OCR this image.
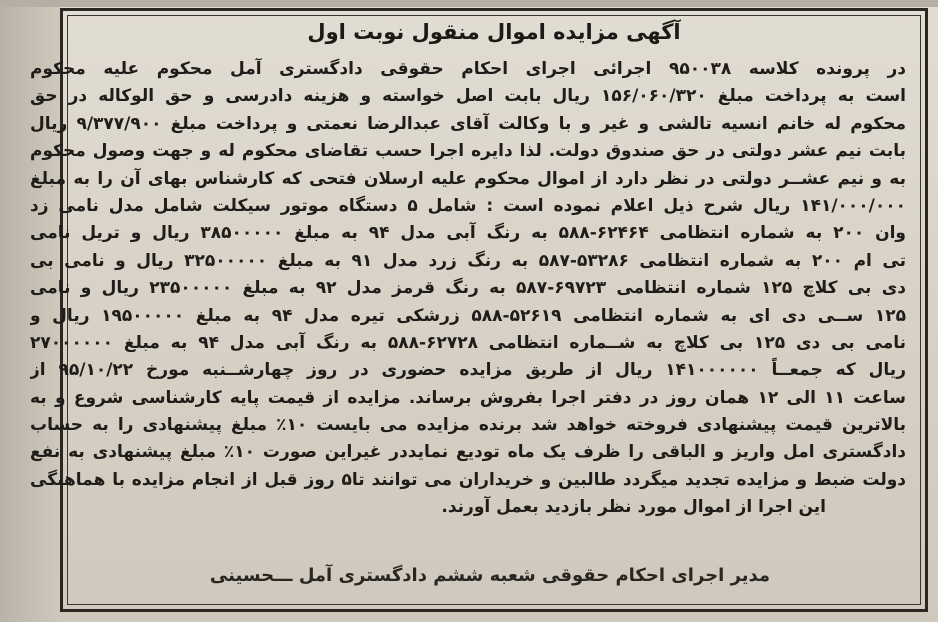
آگهی مزایده اموال منقول نوبت اول
در پرونده کلاسه ۹۵۰۰۳۸ اجرائی اجرای احکام حقوقی دادگستری آمل محکوم علیه محکوم
است به پرداخت مبلغ ۱۵۶/۰۶۰/۳۲۰ ریال بابت اصل خواسته و هزینه دادرسی و حق الوکاله در حق
محکوم له خانم انسیه تالشی و غیر و با وکالت آقای عبدالرضا نعمتی و پرداخت مبلغ ۹/۳۷۷/۹۰۰ ریال
بابت نیم عشر دولتی در حق صندوق دولت. لذا دایره اجرا حسب تقاضای محکوم له و جهت وصول محکوم
به و نیم عشــر دولتی در نظر دارد از اموال محکوم علیه ارسلان فتحی که کارشناس بهای آن را به مبلغ
۱۴۱/۰۰۰/۰۰۰ ریال شرح ذیل اعلام نموده است : شامل ۵ دستگاه موتور سیکلت شامل مدل نامی زد
وان ۲۰۰ به شماره انتظامی ۶۲۴۶۴-۵۸۸ به رنگ آبی مدل ۹۴ به مبلغ ۳۸۵۰۰۰۰۰ ریال و تریل نامی
تی ام ۲۰۰ به شماره انتظامی ۵۳۲۸۶-۵۸۷ به رنگ زرد مدل ۹۱ به مبلغ ۳۲۵۰۰۰۰۰ ریال و نامی بی
دی بی کلاچ ۱۲۵ شماره انتظامی ۶۹۷۲۳-۵۸۷ به رنگ قرمز مدل ۹۲ به مبلغ ۲۳۵۰۰۰۰۰ ریال و نامی
۱۲۵ ســی دی ای به شماره انتظامی ۵۲۶۱۹-۵۸۸ زرشکی تیره مدل ۹۴ به مبلغ ۱۹۵۰۰۰۰۰ ریال و
نامی بی دی ۱۲۵ بی کلاچ به شــماره انتظامی ۶۲۷۲۸-۵۸۸ به رنگ آبی مدل ۹۴ به مبلغ ۲۷۰۰۰۰۰۰
ریال که جمعــاً ۱۴۱۰۰۰۰۰۰ ریال از طریق مزایده حضوری در روز چهارشــنبه مورخ ۹۵/۱۰/۲۲ از
ساعت ۱۱ الی ۱۲ همان روز در دفتر اجرا بفروش برساند. مزایده از قیمت پایه کارشناسی شروع و به
بالاترین قیمت پیشنهادی فروخته خواهد شد برنده مزایده می بایست ۱۰٪ مبلغ پیشنهادی را به حساب
دادگستری امل واریز و الباقی را ظرف یک ماه توديع نمایددر غیراین صورت ۱۰٪ مبلغ پیشنهادی به نفع
دولت ضبط و مزایده تجدید میگردد طالبین و خریداران می توانند تا۵ روز قبل از انجام مزایده با هماهنگی
این اجرا از اموال مورد نظر بازدید بعمل آورند.
مدیر اجرای احکام حقوقی شعبه ششم دادگستری آمل ـــحسینی
